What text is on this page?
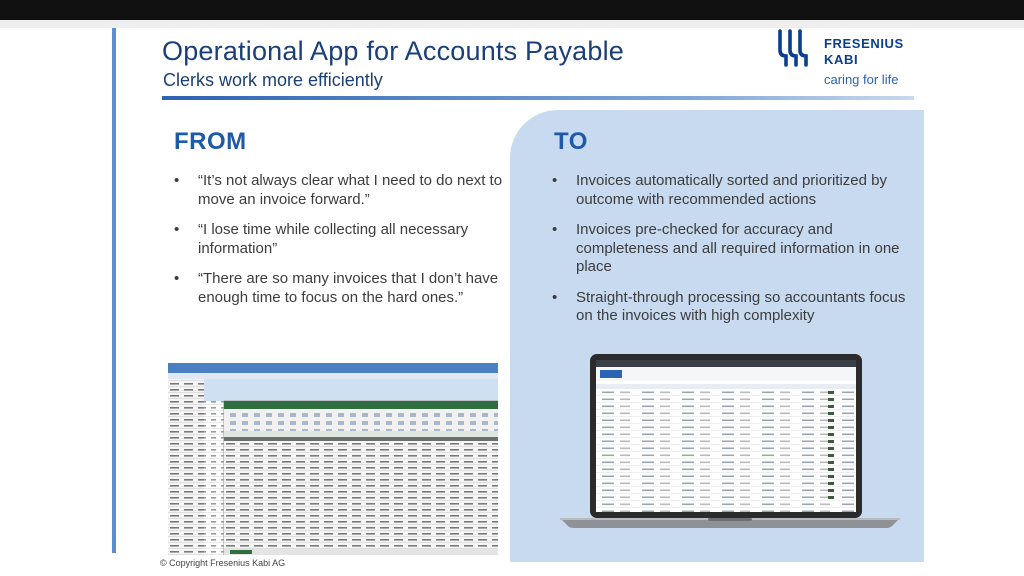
Operational App for Accounts Payable
Clerks work more efficiently
FRESENIUS
KABI
caring for life
FROM
• “It’s not always clear what I need to do next to move an invoice forward.”
• “I lose time while collecting all necessary information”
• “There are so many invoices that I don’t have enough time to focus on the hard ones.”
TO
• Invoices automatically sorted and prioritized by outcome with recommended actions
• Invoices pre-checked for accuracy and completeness and all required information in one place
• Straight-through processing so accountants focus on the invoices with high complexity
© Copyright Fresenius Kabi AG
